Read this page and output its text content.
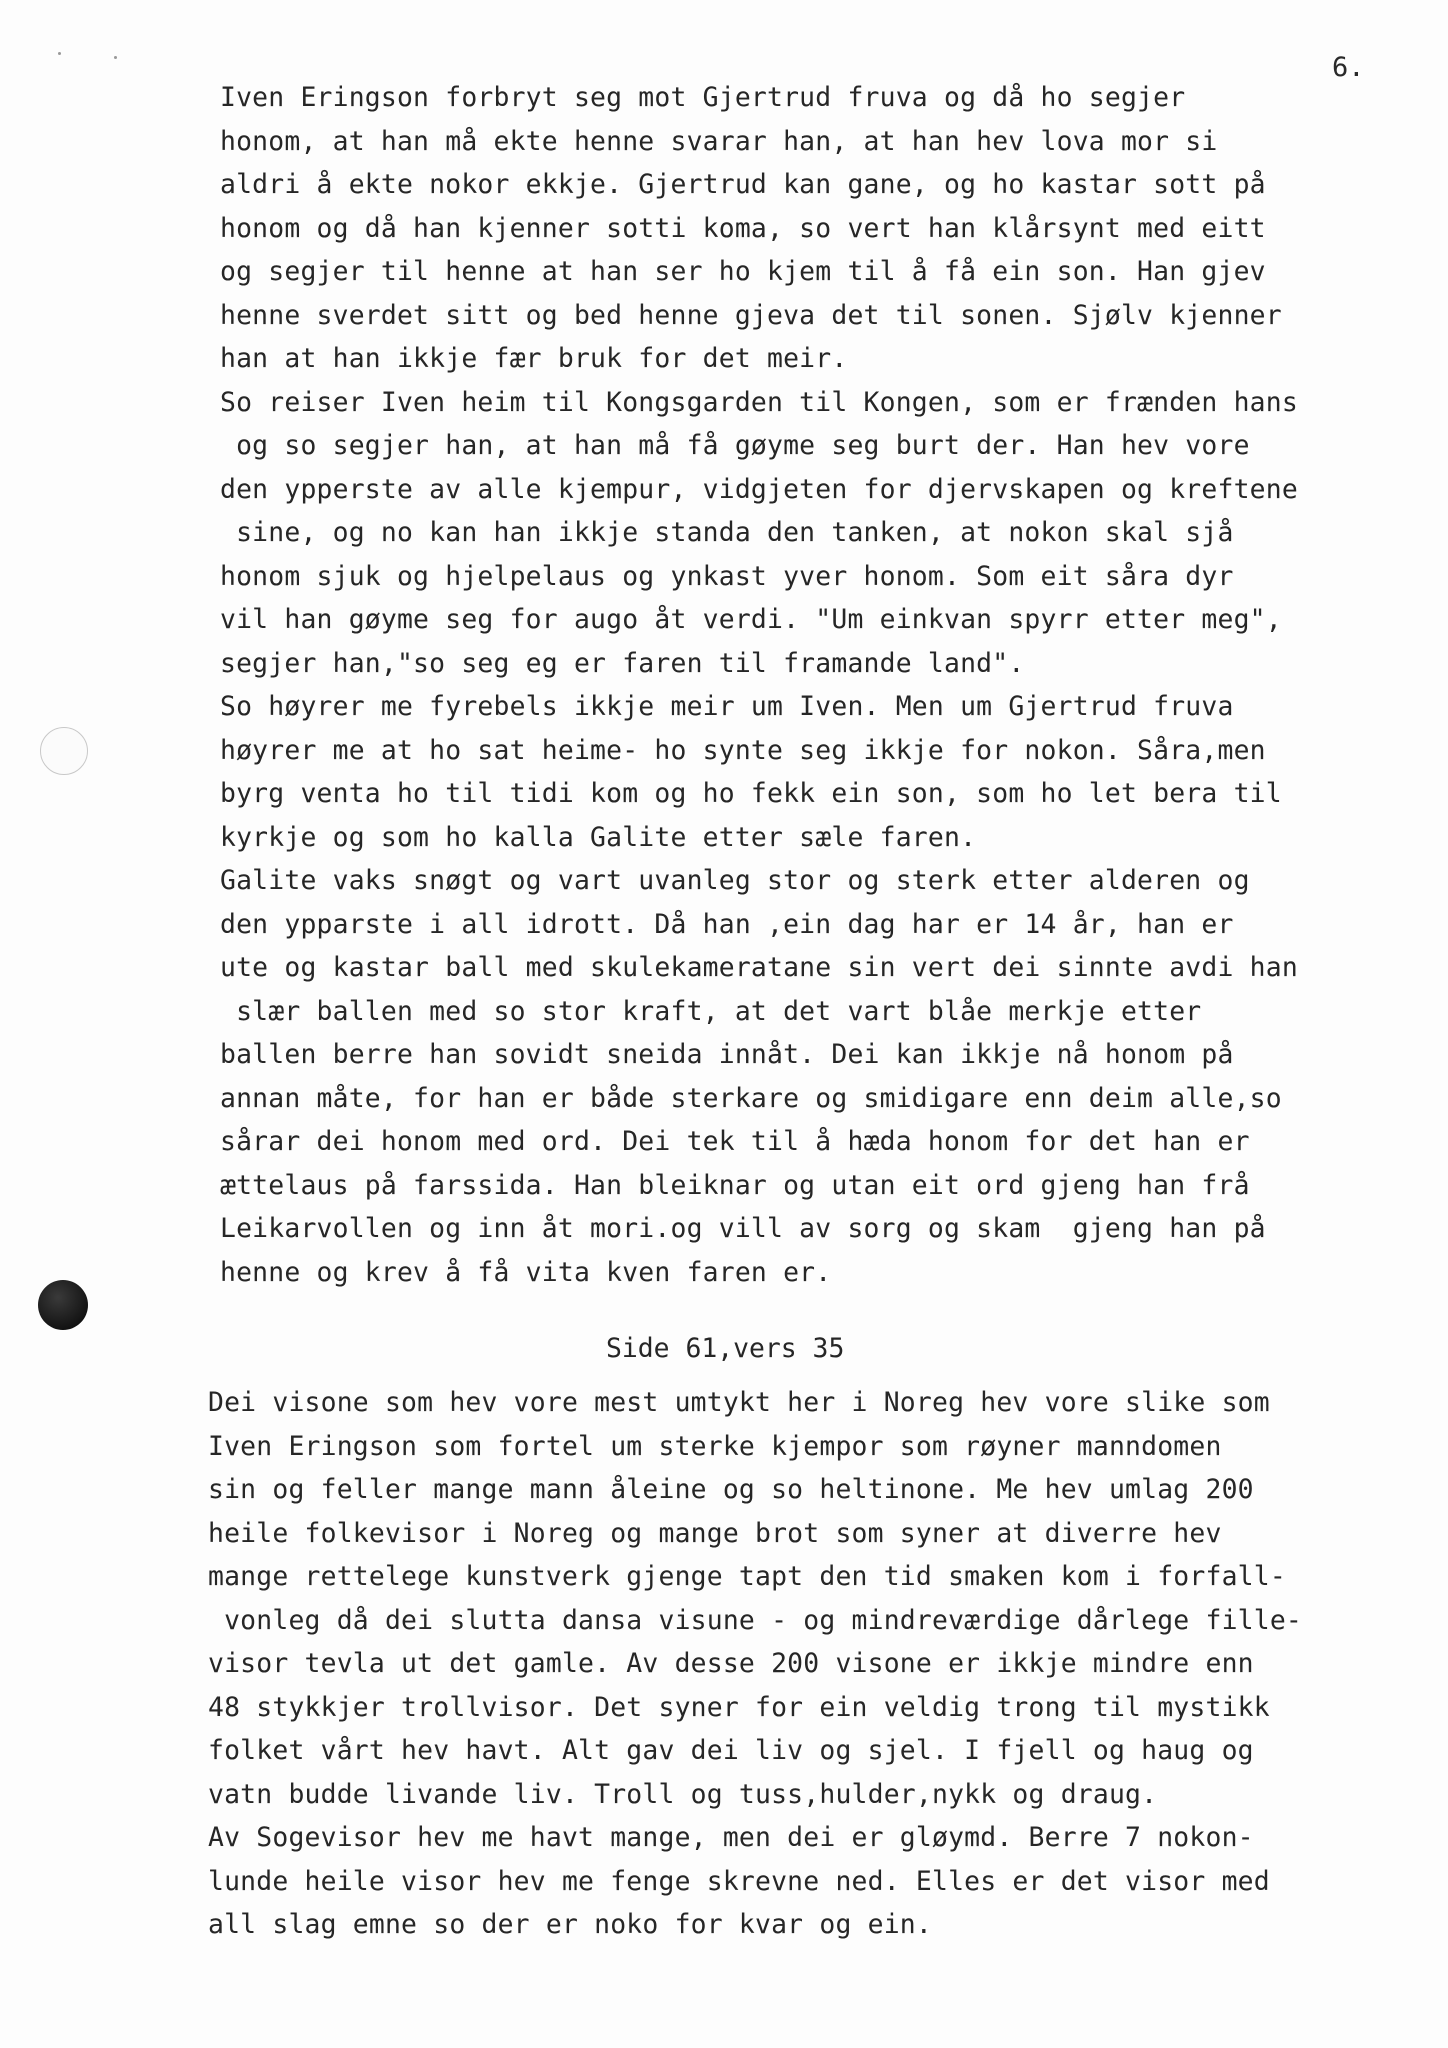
6.
Iven Eringson forbryt seg mot Gjertrud fruva og då ho segjer
honom, at han må ekte henne svarar han, at han hev lova mor si
aldri å ekte nokor ekkje. Gjertrud kan gane, og ho kastar sott på
honom og då han kjenner sotti koma, so vert han klårsynt med eitt
og segjer til henne at han ser ho kjem til å få ein son. Han gjev
henne sverdet sitt og bed henne gjeva det til sonen. Sjølv kjenner
han at han ikkje fær bruk for det meir.
So reiser Iven heim til Kongsgarden til Kongen, som er frænden hans
og so segjer han, at han må få gøyme seg burt der. Han hev vore
den ypperste av alle kjempur, vidgjeten for djervskapen og kreftene
sine, og no kan han ikkje standa den tanken, at nokon skal sjå
honom sjuk og hjelpelaus og ynkast yver honom. Som eit såra dyr
vil han gøyme seg for augo åt verdi. "Um einkvan spyrr etter meg",
segjer han,"so seg eg er faren til framande land".
So høyrer me fyrebels ikkje meir um Iven. Men um Gjertrud fruva
høyrer me at ho sat heime- ho synte seg ikkje for nokon. Såra,men
byrg venta ho til tidi kom og ho fekk ein son, som ho let bera til
kyrkje og som ho kalla Galite etter sæle faren.
Galite vaks snøgt og vart uvanleg stor og sterk etter alderen og
den ypparste i all idrott. Då han ,ein dag har er 14 år, han er
ute og kastar ball med skulekameratane sin vert dei sinnte avdi han
slær ballen med so stor kraft, at det vart blåe merkje etter
ballen berre han sovidt sneida innåt. Dei kan ikkje nå honom på
annan måte, for han er både sterkare og smidigare enn deim alle,so
sårar dei honom med ord. Dei tek til å hæda honom for det han er
ættelaus på farssida. Han bleiknar og utan eit ord gjeng han frå
Leikarvollen og inn åt mori.og vill av sorg og skam  gjeng han på
henne og krev å få vita kven faren er.
Side 61,vers 35
Dei visone som hev vore mest umtykt her i Noreg hev vore slike som
Iven Eringson som fortel um sterke kjempor som røyner manndomen
sin og feller mange mann åleine og so heltinone. Me hev umlag 200
heile folkevisor i Noreg og mange brot som syner at diverre hev
mange rettelege kunstverk gjenge tapt den tid smaken kom i forfall-
vonleg då dei slutta dansa visune - og mindreværdige dårlege fille-
visor tevla ut det gamle. Av desse 200 visone er ikkje mindre enn
48 stykkjer trollvisor. Det syner for ein veldig trong til mystikk
folket vårt hev havt. Alt gav dei liv og sjel. I fjell og haug og
vatn budde livande liv. Troll og tuss,hulder,nykk og draug.
Av Sogevisor hev me havt mange, men dei er gløymd. Berre 7 nokon-
lunde heile visor hev me fenge skrevne ned. Elles er det visor med
all slag emne so der er noko for kvar og ein.
